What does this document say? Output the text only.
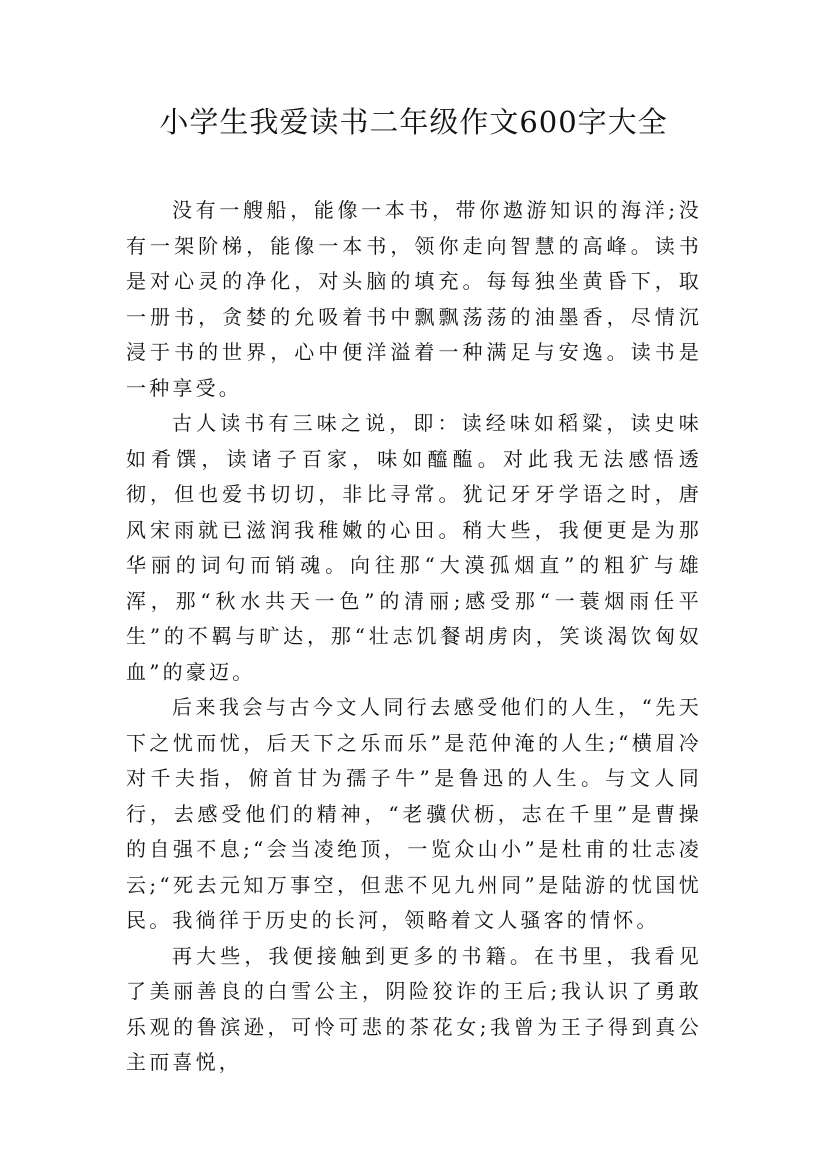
小学生我爱读书二年级作文600字大全

没有一艘船，能像一本书，带你遨游知识的海洋;没有一架阶梯，能像一本书，领你走向智慧的高峰。读书是对心灵的净化，对头脑的填充。每每独坐黄昏下，取一册书，贪婪的允吸着书中飘飘荡荡的油墨香，尽情沉浸于书的世界，心中便洋溢着一种满足与安逸。读书是一种享受。

古人读书有三味之说，即：读经味如稻粱，读史味如肴馔，读诸子百家，味如醯醢。对此我无法感悟透彻，但也爱书切切，非比寻常。犹记牙牙学语之时，唐风宋雨就已滋润我稚嫩的心田。稍大些，我便更是为那华丽的词句而销魂。向往那“大漠孤烟直”的粗犷与雄浑，那“秋水共天一色”的清丽;感受那“一蓑烟雨任平生”的不羁与旷达，那“壮志饥餐胡虏肉，笑谈渴饮匈奴血”的豪迈。

后来我会与古今文人同行去感受他们的人生，“先天下之忧而忧，后天下之乐而乐”是范仲淹的人生;“横眉冷对千夫指，俯首甘为孺子牛”是鲁迅的人生。与文人同行，去感受他们的精神，“老骥伏枥，志在千里”是曹操的自强不息;“会当凌绝顶，一览众山小”是杜甫的壮志凌云;“死去元知万事空，但悲不见九州同”是陆游的忧国忧民。我徜徉于历史的长河，领略着文人骚客的情怀。

再大些，我便接触到更多的书籍。在书里，我看见了美丽善良的白雪公主，阴险狡诈的王后;我认识了勇敢乐观的鲁滨逊，可怜可悲的茶花女;我曾为王子得到真公主而喜悦，
